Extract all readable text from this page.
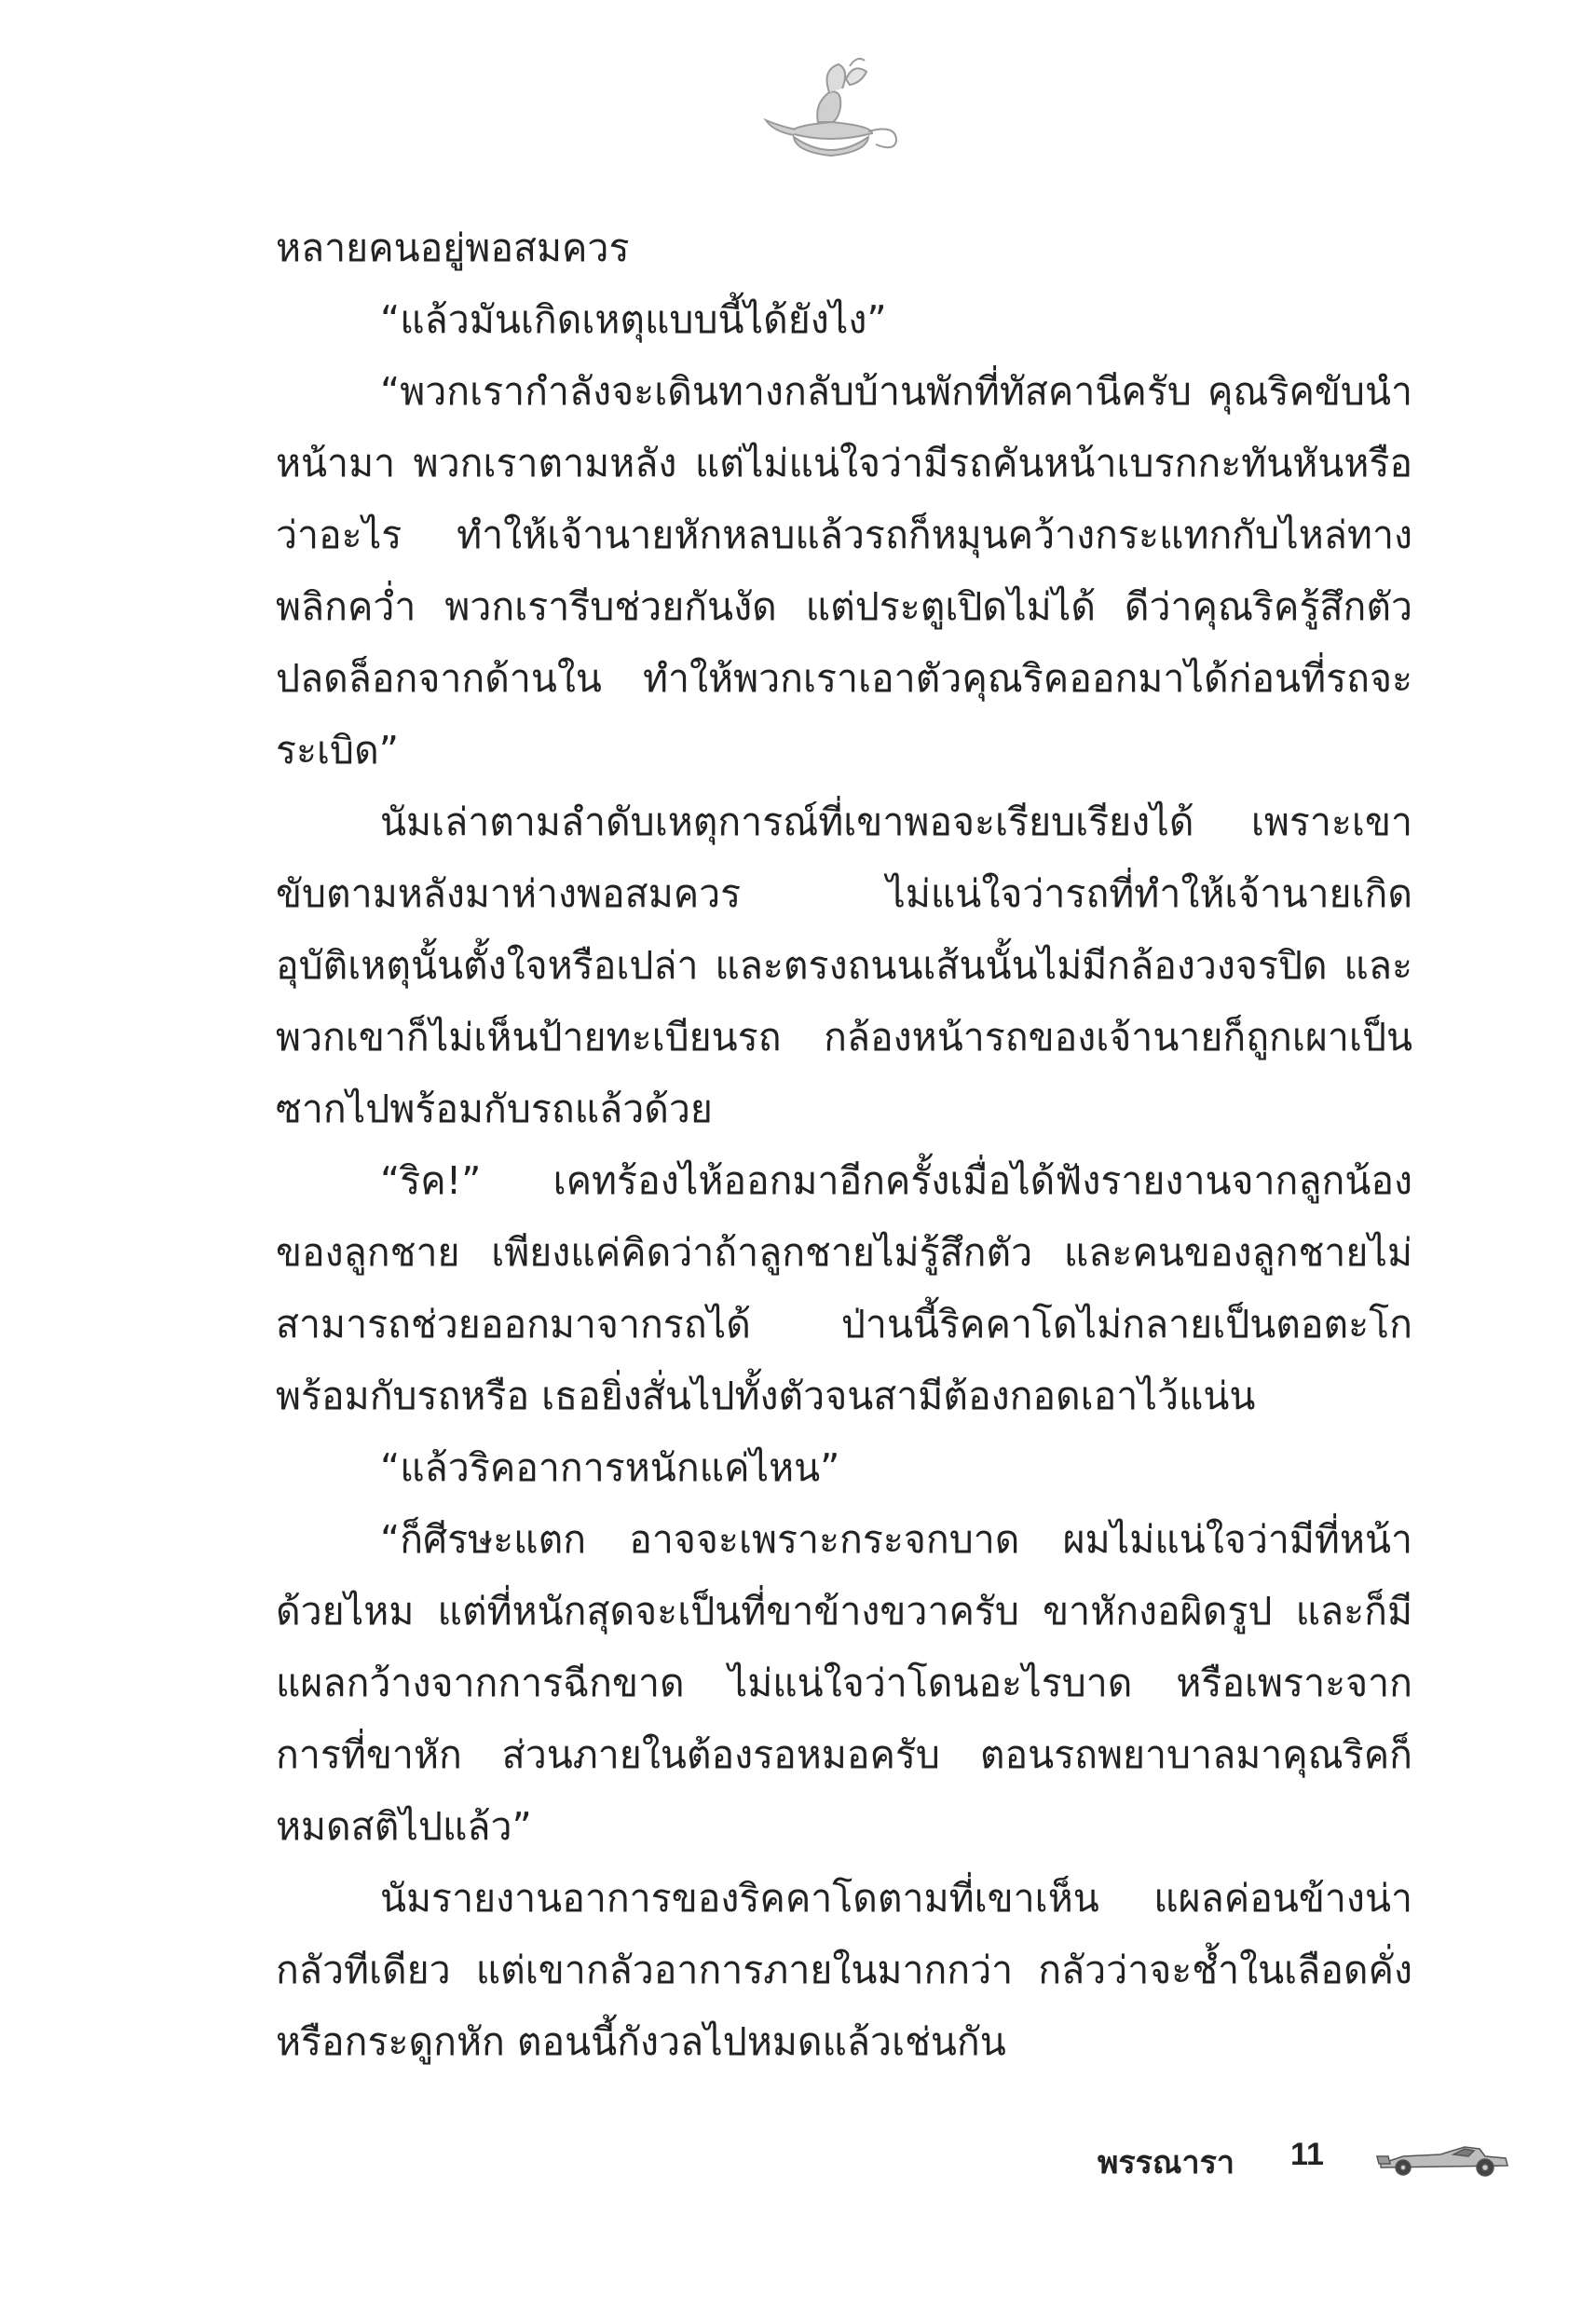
หลายคนอยู่พอสมควร

“แล้วมันเกิดเหตุแบบนี้ได้ยังไง”

“พวกเรากำลังจะเดินทางกลับบ้านพักที่ทัสคานีครับ คุณริคขับนำหน้ามา พวกเราตามหลัง แต่ไม่แน่ใจว่ามีรถคันหน้าเบรกกะทันหันหรือว่าอะไร ทำให้เจ้านายหักหลบแล้วรถก็หมุนคว้างกระแทกกับไหล่ทางพลิกคว่ำ พวกเรารีบช่วยกันงัด แต่ประตูเปิดไม่ได้ ดีว่าคุณริครู้สึกตัวปลดล็อกจากด้านใน ทำให้พวกเราเอาตัวคุณริคออกมาได้ก่อนที่รถจะระเบิด”

นัมเล่าตามลำดับเหตุการณ์ที่เขาพอจะเรียบเรียงได้ เพราะเขาขับตามหลังมาห่างพอสมควร ไม่แน่ใจว่ารถที่ทำให้เจ้านายเกิดอุบัติเหตุนั้นตั้งใจหรือเปล่า และตรงถนนเส้นนั้นไม่มีกล้องวงจรปิด และพวกเขาก็ไม่เห็นป้ายทะเบียนรถ กล้องหน้ารถของเจ้านายก็ถูกเผาเป็นซากไปพร้อมกับรถแล้วด้วย

“ริค!” เคทร้องไห้ออกมาอีกครั้งเมื่อได้ฟังรายงานจากลูกน้องของลูกชาย เพียงแค่คิดว่าถ้าลูกชายไม่รู้สึกตัว และคนของลูกชายไม่สามารถช่วยออกมาจากรถได้ ป่านนี้ริคคาโดไม่กลายเป็นตอตะโกพร้อมกับรถหรือ เธอยิ่งสั่นไปทั้งตัวจนสามีต้องกอดเอาไว้แน่น

“แล้วริคอาการหนักแค่ไหน”

“ก็ศีรษะแตก อาจจะเพราะกระจกบาด ผมไม่แน่ใจว่ามีที่หน้าด้วยไหม แต่ที่หนักสุดจะเป็นที่ขาข้างขวาครับ ขาหักงอผิดรูป และก็มีแผลกว้างจากการฉีกขาด ไม่แน่ใจว่าโดนอะไรบาด หรือเพราะจากการที่ขาหัก ส่วนภายในต้องรอหมอครับ ตอนรถพยาบาลมาคุณริคก็หมดสติไปแล้ว”

นัมรายงานอาการของริคคาโดตามที่เขาเห็น แผลค่อนข้างน่ากลัวทีเดียว แต่เขากลัวอาการภายในมากกว่า กลัวว่าจะช้ำในเลือดคั่ง หรือกระดูกหัก ตอนนี้กังวลไปหมดแล้วเช่นกัน

พรรณารา 11
